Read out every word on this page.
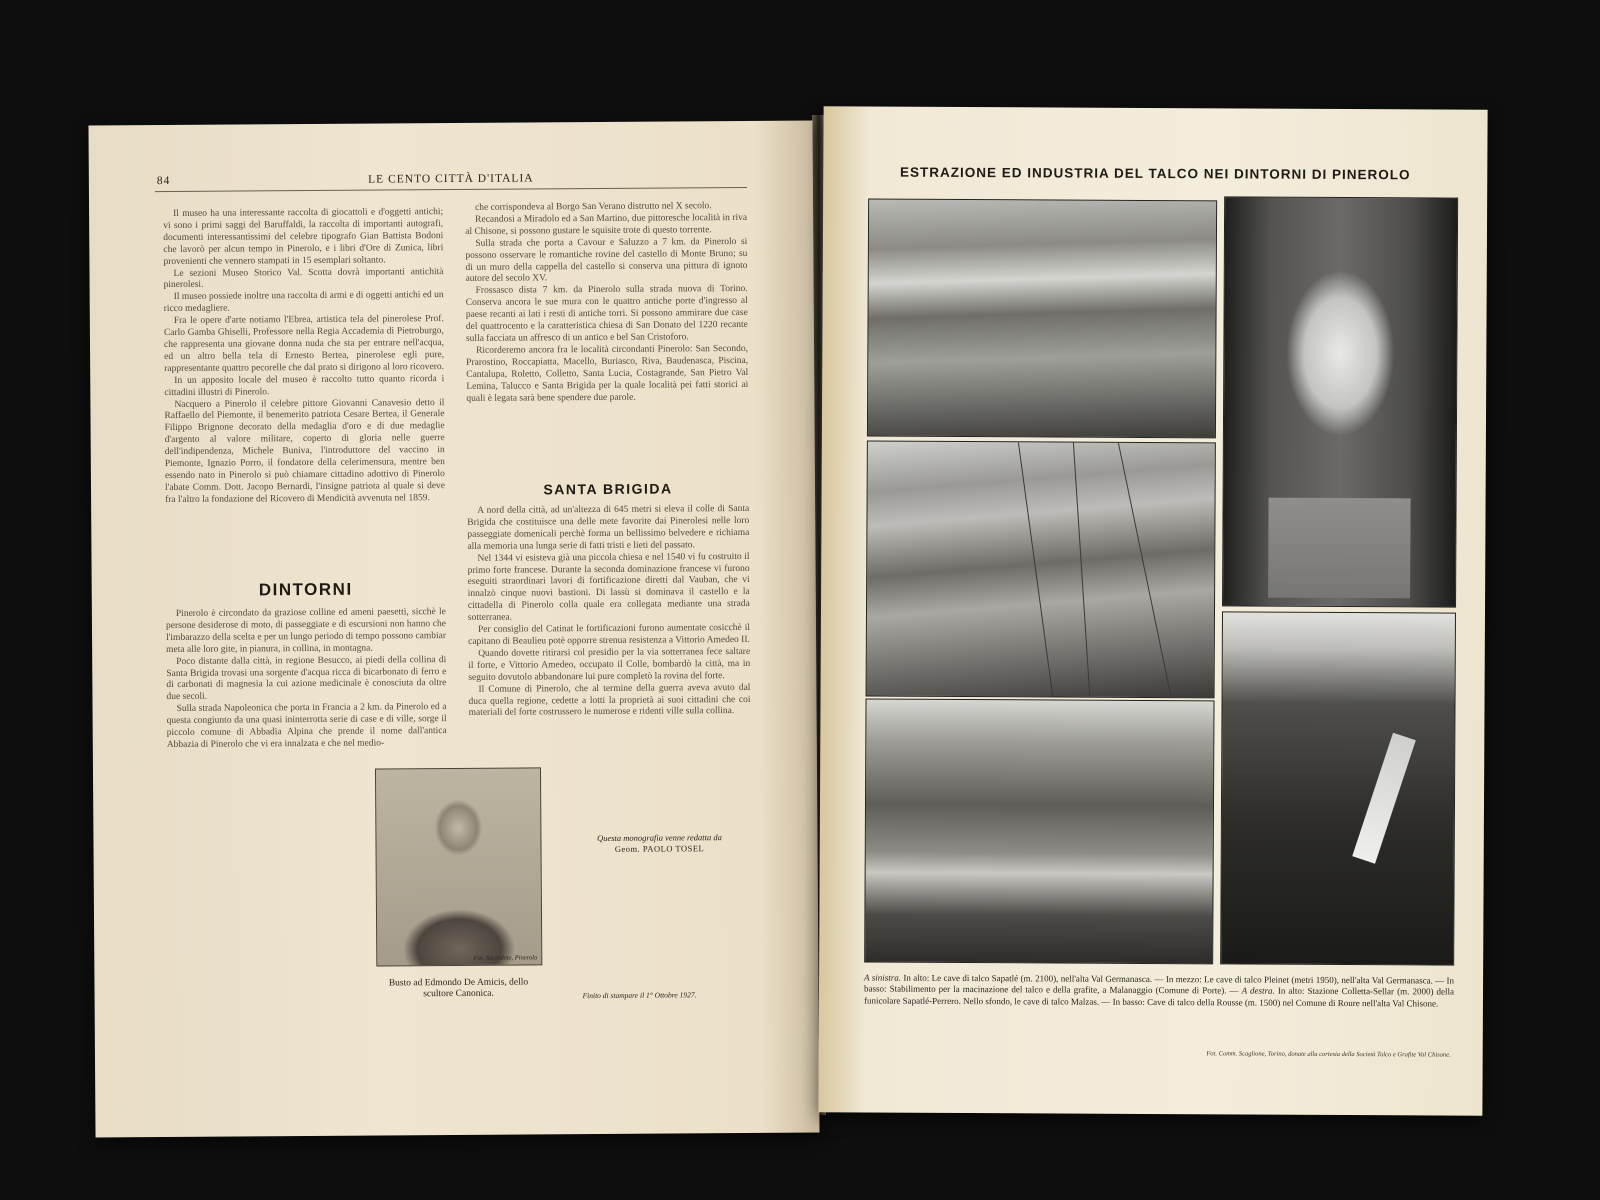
84	LE CENTO CITTÀ D'ITALIA

Il museo ha una interessante raccolta di giocattoli e d'oggetti antichi; vi sono i primi saggi del Baruffaldi, la raccolta di importanti autografi, documenti interessantissimi del celebre tipografo Gian Battista Bodoni che lavorò per alcun tempo in Pinerolo, e i libri d'Ore di Zunica, libri provenienti che vennero stampati in 15 esemplari soltanto.

Le sezioni Museo Storico Val. Scotta dovrà importanti antichità pinerolesi.

Il museo possiede inoltre una raccolta di armi e di oggetti antichi ed un ricco medagliere.

Fra le opere d'arte notiamo l'Ebrea, artistica tela del pinerolese Prof. Carlo Gamba Ghiselli, Professore nella Regia Accademia di Pietroburgo, che rappresenta una giovane donna nuda che sta per entrare nell'acqua, ed un altro bella tela di Ernesto Bertea, pinerolese egli pure, rappresentante quattro pecorelle che dal prato si dirigono al loro ricovero.

In un apposito locale del museo è raccolto tutto quanto ricorda i cittadini illustri di Pinerolo.

Nacquero a Pinerolo il celebre pittore Giovanni Canavesio detto il Raffaello del Piemonte, il benemerito patriota Cesare Bertea, il Generale Filippo Brignone decorato della medaglia d'oro e di due medaglie d'argento al valore militare, coperto di gloria nelle guerre dell'indipendenza, Michele Buniva, l'introduttore del vaccino in Piemonte, Ignazio Porro, il fondatore della celerimensura, mentre ben essendo nato in Pinerolo si può chiamare cittadino adottivo di Pinerolo l'abate Comm. Dott. Jacopo Bernardi, l'insigne patriota al quale si deve fra l'altro la fondazione del Ricovero di Mendicità avvenuta nel 1859.

che corrispondeva al Borgo San Verano distrutto nel X secolo.

Recandosi a Miradolo ed a San Martino, due pittoresche località in riva al Chisone, si possono gustare le squisite trote di questo torrente.

Sulla strada che porta a Cavour e Saluzzo a 7 km. da Pinerolo si possono osservare le romantiche rovine del castello di Monte Bruno; su di un muro della cappella del castello si conserva una pittura di ignoto autore del secolo XV.

Frossasco dista 7 km. da Pinerolo sulla strada nuova di Torino. Conserva ancora le sue mura con le quattro antiche porte d'ingresso al paese recanti ai lati i resti di antiche torri. Si possono ammirare due case del quattrocento e la caratteristica chiesa di San Donato del 1220 recante sulla facciata un affresco di un antico e bel San Cristoforo.

Ricorderemo ancora fra le località circondanti Pinerolo: San Secondo, Prarostino, Roccapiatta, Macello, Buriasco, Riva, Baudenasca, Piscina, Cantalupa, Roletto, Colletto, Santa Lucia, Costagrande, San Pietro Val Lemina, Talucco e Santa Brigida per la quale località pei fatti storici ai quali è legata sarà bene spendere due parole.

SANTA BRIGIDA

A nord della città, ad un'altezza di 645 metri si eleva il colle di Santa Brigida che costituisce una delle mete favorite dai Pinerolesi nelle loro passeggiate domenicali perchè forma un bellissimo belvedere e richiama alla memoria una lunga serie di fatti tristi e lieti del passato.

Nel 1344 vi esisteva già una piccola chiesa e nel 1540 vi fu costruito il primo forte francese. Durante la seconda dominazione francese vi furono eseguiti straordinari lavori di fortificazione diretti dal Vauban, che vi innalzò cinque nuovi bastioni. Di lassù si dominava il castello e la cittadella di Pinerolo colla quale era collegata mediante una strada sotterranea.

Per consiglio del Catinat le fortificazioni furono aumentate cosicchè il capitano di Beaulieu potè opporre strenua resistenza a Vittorio Amedeo II.

Quando dovette ritirarsi col presidio per la via sotterranea fece saltare il forte, e Vittorio Amedeo, occupato il Colle, bombardò la città, ma in seguito dovutolo abbandonare lui pure completò la rovina del forte.

Il Comune di Pinerolo, che al termine della guerra aveva avuto dal duca quella regione, cedette a lotti la proprietà ai suoi cittadini che coi materiali del forte costrussero le numerose e ridenti ville sulla collina.

DINTORNI

Pinerolo è circondato da graziose colline ed ameni paesetti, sicchè le persone desiderose di moto, di passeggiate e di escursioni non hanno che l'imbarazzo della scelta e per un lungo periodo di tempo possono cambiar meta alle loro gite, in pianura, in collina, in montagna.

Poco distante dalla città, in regione Besucco, ai piedi della collina di Santa Brigida trovasi una sorgente d'acqua ricca di bicarbonato di ferro e di carbonati di magnesia la cui azione medicinale è conosciuta da oltre due secoli.

Sulla strada Napoleonica che porta in Francia a 2 km. da Pinerolo ed a questa congiunto da una quasi ininterrotta serie di case e di ville, sorge il piccolo comune di Abbadia Alpina che prende il nome dall'antica Abbazia di Pinerolo che vi era innalzata e che nel medio-

Fot. Sacerdote, Pinerolo
Busto ad Edmondo De Amicis, dello
scultore Canonica.
Questa monografia venne redatta da
Geom. PAOLO TOSEL
Finito di stampare il 1° Ottobre 1927.
ESTRAZIONE ED INDUSTRIA DEL TALCO NEI DINTORNI DI PINEROLO
A sinistra. In alto: Le cave di talco Sapatlé (m. 2100), nell'alta Val Germanasca. — In mezzo: Le cave di talco Pleinet (metri 1950), nell'alta Val Germanasca. — In basso: Stabilimento per la macinazione del talco e della grafite, a Malanaggio (Comune di Porte). — A destra. In alto: Stazione Colletta-Sellar (m. 2000) della funicolare Sapatlé-Perrero. Nello sfondo, le cave di talco Malzas. — In basso: Cave di talco della Rousse (m. 1500) nel Comune di Roure nell'alta Val Chisone.
Fot. Comm. Scaglione, Torino, donate alla cortesia della Società Talco e Grafite Val Chisone.
